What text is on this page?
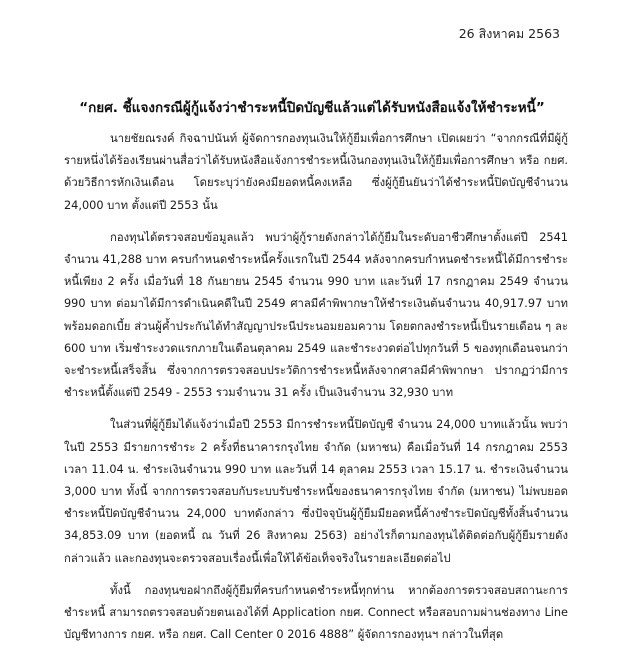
26 สิงหาคม 2563
“กยศ. ชี้แจงกรณีผู้กู้แจ้งว่าชำระหนี้ปิดบัญชีแล้วแต่ได้รับหนังสือแจ้งให้ชำระหนี้”

นายชัยณรงค์ กิจฉาปนันท์ ผู้จัดการกองทุนเงินให้กู้ยืมเพื่อการศึกษา เปิดเผยว่า “จากกรณีที่มีผู้กู้รายหนึ่งได้ร้องเรียนผ่านสื่อว่าได้รับหนังสือแจ้งการชำระหนี้เงินกองทุนเงินให้กู้ยืมเพื่อการศึกษา หรือ กยศ. ด้วยวิธีการหักเงินเดือน โดยระบุว่ายังคงมียอดหนี้คงเหลือ ซึ่งผู้กู้ยืนยันว่าได้ชำระหนี้ปิดบัญชีจำนวน 24,000 บาท ตั้งแต่ปี 2553 นั้น

กองทุนได้ตรวจสอบข้อมูลแล้ว พบว่าผู้กู้รายดังกล่าวได้กู้ยืมในระดับอาชีวศึกษาตั้งแต่ปี 2541 จำนวน 41,288 บาท ครบกำหนดชำระหนี้ครั้งแรกในปี 2544 หลังจากครบกำหนดชำระหนี้ได้มีการชำระหนี้เพียง 2 ครั้ง เมื่อวันที่ 18 กันยายน 2545 จำนวน 990 บาท และวันที่ 17 กรกฎาคม 2549 จำนวน 990 บาท ต่อมาได้มีการดำเนินคดีในปี 2549 ศาลมีคำพิพากษาให้ชำระเงินต้นจำนวน 40,917.97 บาท พร้อมดอกเบี้ย ส่วนผู้ค้ำประกันได้ทำสัญญาประนีประนอมยอมความ โดยตกลงชำระหนี้เป็นรายเดือน ๆ ละ 600 บาท เริ่มชำระงวดแรกภายในเดือนตุลาคม 2549 และชำระงวดต่อไปทุกวันที่ 5 ของทุกเดือนจนกว่าจะชำระหนี้เสร็จสิ้น ซึ่งจากการตรวจสอบประวัติการชำระหนี้หลังจากศาลมีคำพิพากษา ปรากฏว่ามีการชำระหนี้ตั้งแต่ปี 2549 - 2553 รวมจำนวน 31 ครั้ง เป็นเงินจำนวน 32,930 บาท

ในส่วนที่ผู้กู้ยืมได้แจ้งว่าเมื่อปี 2553 มีการชำระหนี้ปิดบัญชี จำนวน 24,000 บาทแล้วนั้น พบว่าในปี 2553 มีรายการชำระ 2 ครั้งที่ธนาคารกรุงไทย จำกัด (มหาชน) คือเมื่อวันที่ 14 กรกฎาคม 2553 เวลา 11.04 น. ชำระเงินจำนวน 990 บาท และวันที่ 14 ตุลาคม 2553 เวลา 15.17 น. ชำระเงินจำนวน 3,000 บาท ทั้งนี้ จากการตรวจสอบกับระบบรับชำระหนี้ของธนาคารกรุงไทย จำกัด (มหาชน) ไม่พบยอดชำระหนี้ปิดบัญชีจำนวน 24,000 บาทดังกล่าว ซึ่งปัจจุบันผู้กู้ยืมมียอดหนี้ค้างชำระปิดบัญชีทั้งสิ้นจำนวน 34,853.09 บาท (ยอดหนี้ ณ วันที่ 26 สิงหาคม 2563) อย่างไรก็ตามกองทุนได้ติดต่อกับผู้กู้ยืมรายดังกล่าวแล้ว และกองทุนจะตรวจสอบเรื่องนี้เพื่อให้ได้ข้อเท็จจริงในรายละเอียดต่อไป

ทั้งนี้ กองทุนขอฝากถึงผู้กู้ยืมที่ครบกำหนดชำระหนี้ทุกท่าน หากต้องการตรวจสอบสถานะการชำระหนี้ สามารถตรวจสอบด้วยตนเองได้ที่ Application กยศ. Connect หรือสอบถามผ่านช่องทาง Line บัญชีทางการ กยศ. หรือ กยศ. Call Center 0 2016 4888” ผู้จัดการกองทุนฯ กล่าวในที่สุด
